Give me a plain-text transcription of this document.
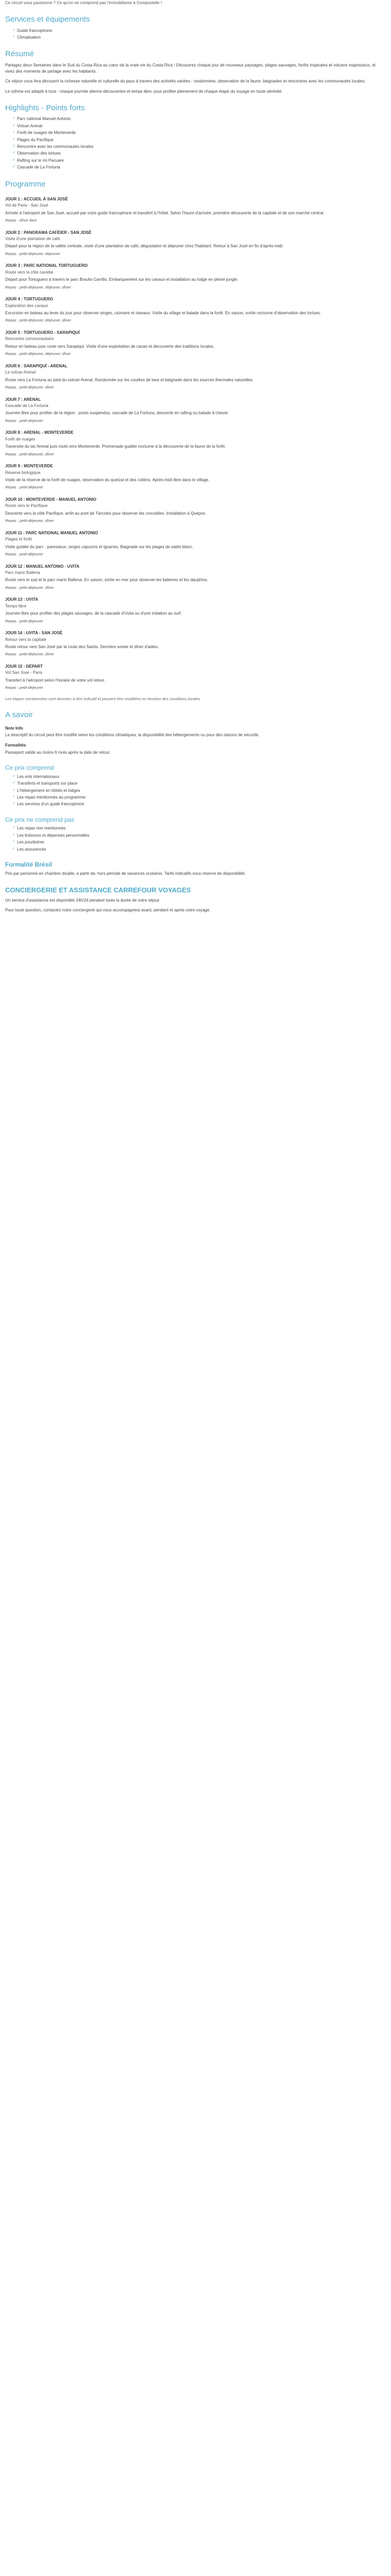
Ce circuit vous passionne ? Ce qu'on ne comprend pas l'immobilisme à Compostelle !

Services et équipements
✓ Guide francophone
✓ Climatisation
Résumé

Partagez deux Semaines dans le Sud du Costa Rica au cœur de la vraie vie du Costa Rica ! Découvrez chaque jour de nouveaux paysages, plages sauvages, forêts tropicales et volcans majestueux, et vivez des moments de partage avec les habitants.

Ce séjour vous fera découvrir la richesse naturelle et culturelle du pays à travers des activités variées : randonnées, observation de la faune, baignades et rencontres avec les communautés locales.

Le rythme est adapté à tous : chaque journée alterne découvertes et temps libre, pour profiter pleinement de chaque étape du voyage en toute sérénité.

Highlights - Points forts
✓ Parc national Manuel Antonio
✓ Volcan Arenal
✓ Forêt de nuages de Monteverde
✓ Plages du Pacifique
✓ Rencontre avec les communautés locales
✓ Observation des tortues
✓ Rafting sur le río Pacuare
✓ Cascade de La Fortuna
Programme

JOUR 1 : ACCUEIL À SAN JOSÉ

Vol de Paris - San José

Arrivée à l'aéroport de San José, accueil par votre guide francophone et transfert à l'hôtel. Selon l'heure d'arrivée, première découverte de la capitale et de son marché central.

Repas : dîner libre

JOUR 2 : PANORAMA CAFÉIER - SAN JOSÉ

Visite d'une plantation de café

Départ pour la région de la vallée centrale, visite d'une plantation de café, dégustation et déjeuner chez l'habitant. Retour à San José en fin d'après-midi.

Repas : petit-déjeuner, déjeuner

JOUR 3 : PARC NATIONAL TORTUGUERO

Route vers la côte caraïbe

Départ pour Tortuguero à travers le parc Braulio Carrillo. Embarquement sur les canaux et installation au lodge en pleine jungle.

Repas : petit-déjeuner, déjeuner, dîner

JOUR 4 : TORTUGUERO

Exploration des canaux

Excursion en bateau au lever du jour pour observer singes, caïmans et oiseaux. Visite du village et balade dans la forêt. En saison, sortie nocturne d'observation des tortues.

Repas : petit-déjeuner, déjeuner, dîner

JOUR 5 : TORTUGUERO - SARAPIQUÍ

Rencontre communautaire

Retour en bateau puis route vers Sarapiquí. Visite d'une exploitation de cacao et découverte des traditions locales.

Repas : petit-déjeuner, déjeuner, dîner

JOUR 6 : SARAPIQUÍ - ARENAL

Le volcan Arenal

Route vers La Fortuna au pied du volcan Arenal. Randonnée sur les coulées de lave et baignade dans les sources thermales naturelles.

Repas : petit-déjeuner, dîner

JOUR 7 : ARENAL

Cascade de La Fortuna

Journée libre pour profiter de la région : ponts suspendus, cascade de La Fortuna, descente en rafting ou balade à cheval.

Repas : petit-déjeuner

JOUR 8 : ARENAL - MONTEVERDE

Forêt de nuages

Traversée du lac Arenal puis route vers Monteverde. Promenade guidée nocturne à la découverte de la faune de la forêt.

Repas : petit-déjeuner, dîner

JOUR 9 : MONTEVERDE

Réserve biologique

Visite de la réserve de la forêt de nuages, observation du quetzal et des colibris. Après-midi libre dans le village.

Repas : petit-déjeuner

JOUR 10 : MONTEVERDE - MANUEL ANTONIO

Route vers le Pacifique

Descente vers la côte Pacifique, arrêt au pont de Tárcoles pour observer les crocodiles. Installation à Quepos.

Repas : petit-déjeuner, dîner

JOUR 11 : PARC NATIONAL MANUEL ANTONIO

Plages et forêt

Visite guidée du parc : paresseux, singes capucins et iguanes. Baignade sur les plages de sable blanc.

Repas : petit-déjeuner

JOUR 12 : MANUEL ANTONIO - UVITA

Parc marin Ballena

Route vers le sud et le parc marin Ballena. En saison, sortie en mer pour observer les baleines et les dauphins.

Repas : petit-déjeuner, dîner

JOUR 13 : UVITA

Temps libre

Journée libre pour profiter des plages sauvages, de la cascade d'Uvita ou d'une initiation au surf.

Repas : petit-déjeuner

JOUR 14 : UVITA - SAN JOSÉ

Retour vers la capitale

Route retour vers San José par la route des Saints. Dernière soirée et dîner d'adieu.

Repas : petit-déjeuner, dîner

JOUR 15 : DÉPART

Vol San José - Paris

Transfert à l'aéroport selon l'horaire de votre vol retour.

Repas : petit-déjeuner

Les étapes mentionnées sont données à titre indicatif et peuvent être modifiées en fonction des conditions locales.

A savoir
Note Info

Le descriptif du circuit peut être modifié selon les conditions climatiques, la disponibilité des hébergements ou pour des raisons de sécurité.

Formalités

Passeport valide au moins 6 mois après la date de retour.

Ce prix comprend
✓ Les vols internationaux
✓ Transferts et transports sur place
✓ L'hébergement en hôtels et lodges
✓ Les repas mentionnés au programme
✓ Les services d'un guide francophone
Ce prix ne comprend pas
✓ Les repas non mentionnés
✓ Les boissons et dépenses personnelles
✓ Les pourboires
✓ Les assurances
Formalité Brésil

Prix par personne en chambre double, à partir de, hors période de vacances scolaires. Tarifs indicatifs sous réserve de disponibilité.

CONCIERGERIE ET ASSISTANCE CARREFOUR VOYAGES

Un service d'assistance est disponible 24h/24 pendant toute la durée de votre séjour.

Pour toute question, contactez notre conciergerie qui vous accompagnera avant, pendant et après votre voyage.
